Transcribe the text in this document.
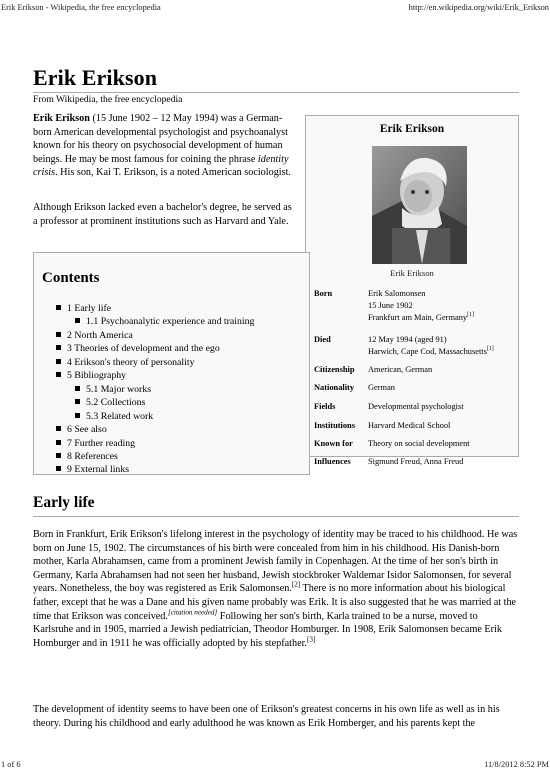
Erik Erikson - Wikipedia, the free encyclopedia	http://en.wikipedia.org/wiki/Erik_Erikson
Erik Erikson
From Wikipedia, the free encyclopedia

Erik Erikson (15 June 1902 – 12 May 1994) was a German-born American developmental psychologist and psychoanalyst known for his theory on psychosocial development of human beings. He may be most famous for coining the phrase identity crisis. His son, Kai T. Erikson, is a noted American sociologist.

Although Erikson lacked even a bachelor's degree, he served as a professor at prominent institutions such as Harvard and Yale.

Erik Erikson
Erik Erikson
Born	Erik Salomonsen
15 June 1902
Frankfurt am Main, Germany[1]
Died	12 May 1994 (aged 91)
Harwich, Cape Cod, Massachusetts[1]
Citizenship American, German
Nationality German
Fields	Developmental psychologist
Institutions Harvard Medical School
Known for Theory on social development
Influences Sigmund Freud, Anna Freud
Contents
1 Early life
1.1 Psychoanalytic experience and training
2 North America
3 Theories of development and the ego
4 Erikson's theory of personality
5 Bibliography
5.1 Major works
5.2 Collections
5.3 Related work
6 See also
7 Further reading
8 References
9 External links
Early life

Born in Frankfurt, Erik Erikson's lifelong interest in the psychology of identity may be traced to his childhood. He was born on June 15, 1902. The circumstances of his birth were concealed from him in his childhood. His Danish-born mother, Karla Abrahamsen, came from a prominent Jewish family in Copenhagen. At the time of her son's birth in Germany, Karla Abrahamsen had not seen her husband, Jewish stockbroker Waldemar Isidor Salomonsen, for several years. Nonetheless, the boy was registered as Erik Salomonsen.[2] There is no more information about his biological father, except that he was a Dane and his given name probably was Erik. It is also suggested that he was married at the time that Erikson was conceived.[citation needed] Following her son's birth, Karla trained to be a nurse, moved to Karlsruhe and in 1905, married a Jewish pediatrician, Theodor Homburger. In 1908, Erik Salomonsen became Erik Homburger and in 1911 he was officially adopted by his stepfather.[3]

The development of identity seems to have been one of Erikson's greatest concerns in his own life as well as in his theory. During his childhood and early adulthood he was known as Erik Homberger, and his parents kept the

1 of 6	11/8/2012 8:52 PM
